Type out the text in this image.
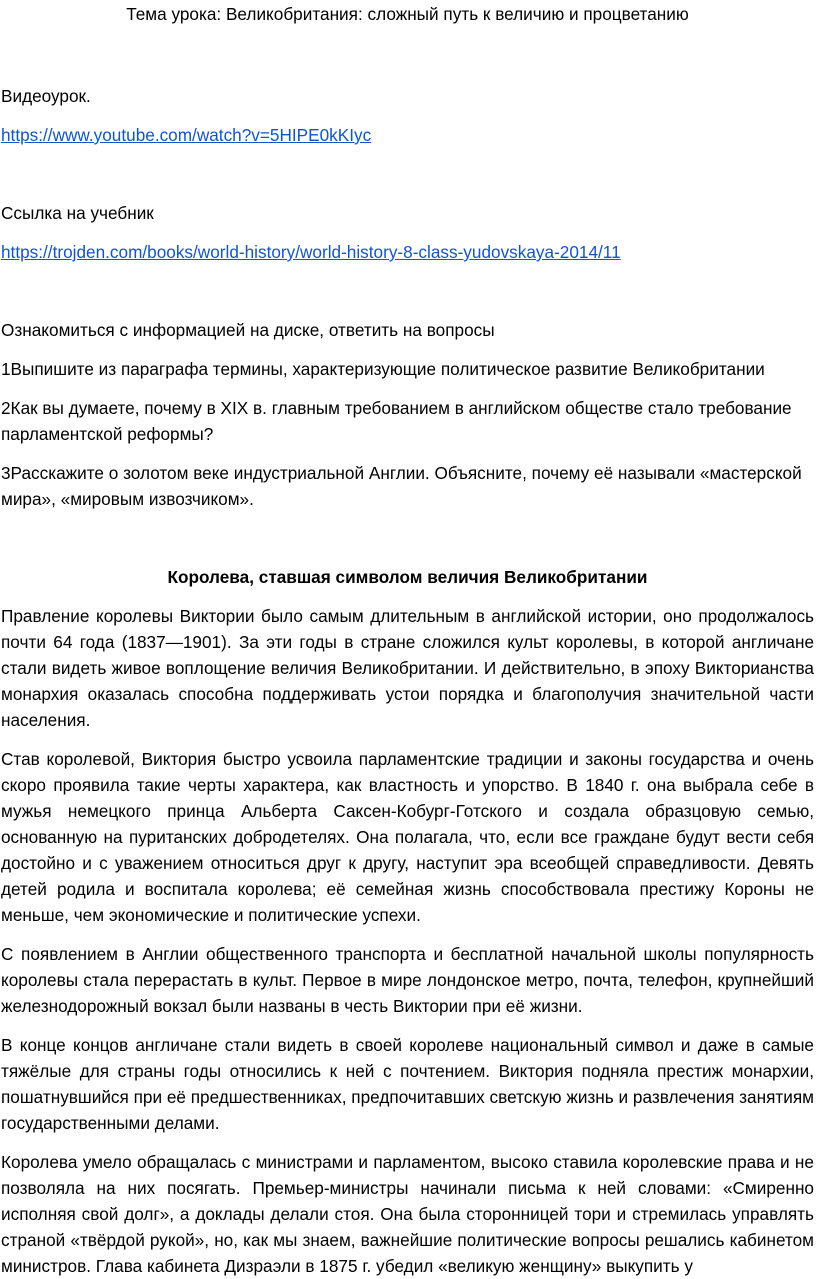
Тема урока: Великобритания: сложный путь к величию и процветанию

Видеоурок.

https://www.youtube.com/watch?v=5HIPE0kKIyc

Ссылка на учебник

https://trojden.com/books/world-history/world-history-8-class-yudovskaya-2014/11

Ознакомиться с информацией на диске, ответить на вопросы

1Выпишите из параграфа термины, характеризующие политическое развитие Великобритании

2Как вы думаете, почему в XIX в. главным требованием в английском обществе стало требование парламентской реформы?

3Расскажите о золотом веке индустриальной Англии. Объясните, почему её называли «мастерской мира», «мировым извозчиком».

Королева, ставшая символом величия Великобритании

Правление королевы Виктории было самым длительным в английской истории, оно продолжалось почти 64 года (1837—1901). За эти годы в стране сложился культ королевы, в которой англичане стали видеть живое воплощение величия Великобритании. И действительно, в эпоху Викторианства монархия оказалась способна поддерживать устои порядка и благополучия значительной части населения.

Став королевой, Виктория быстро усвоила парламентские традиции и законы государства и очень скоро проявила такие черты характера, как властность и упорство. В 1840 г. она выбрала себе в мужья немецкого принца Альберта Саксен-Кобург-Готского и создала образцовую семью, основанную на пуританских добродетелях. Она полагала, что, если все граждане будут вести себя достойно и с уважением относиться друг к другу, наступит эра всеобщей справедливости. Девять детей родила и воспитала королева; её семейная жизнь способствовала престижу Короны не меньше, чем экономические и политические успехи.

С появлением в Англии общественного транспорта и бесплатной начальной школы популярность королевы стала перерастать в культ. Первое в мире лондонское метро, почта, телефон, крупнейший железнодорожный вокзал были названы в честь Виктории при её жизни.

В конце концов англичане стали видеть в своей королеве национальный символ и даже в самые тяжёлые для страны годы относились к ней с почтением. Виктория подняла престиж монархии, пошатнувшийся при её предшественниках, предпочитавших светскую жизнь и развлечения занятиям государственными делами.

Королева умело обращалась с министрами и парламентом, высоко ставила королевские права и не позволяла на них посягать. Премьер-министры начинали письма к ней словами: «Смиренно исполняя свой долг», а доклады делали стоя. Она была сторонницей тори и стремилась управлять страной «твёрдой рукой», но, как мы знаем, важнейшие политические вопросы решались кабинетом министров. Глава кабинета Дизраэли в 1875 г. убедил «великую женщину» выкупить у
